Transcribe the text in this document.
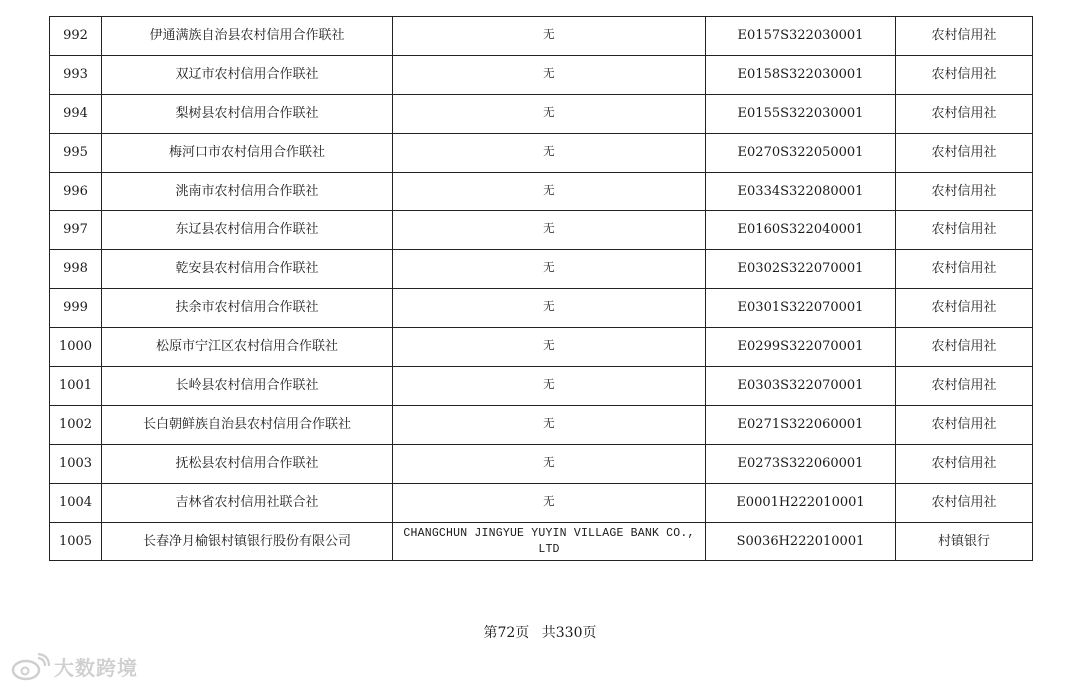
992	伊通满族自治县农村信用合作联社	无	E0157S322030001	农村信用社
993	双辽市农村信用合作联社	无	E0158S322030001	农村信用社
994	梨树县农村信用合作联社	无	E0155S322030001	农村信用社
995	梅河口市农村信用合作联社	无	E0270S322050001	农村信用社
996	洮南市农村信用合作联社	无	E0334S322080001	农村信用社
997	东辽县农村信用合作联社	无	E0160S322040001	农村信用社
998	乾安县农村信用合作联社	无	E0302S322070001	农村信用社
999	扶余市农村信用合作联社	无	E0301S322070001	农村信用社
1000	松原市宁江区农村信用合作联社	无	E0299S322070001	农村信用社
1001	长岭县农村信用合作联社	无	E0303S322070001	农村信用社
1002	长白朝鲜族自治县农村信用合作联社	无	E0271S322060001	农村信用社
1003	抚松县农村信用合作联社	无	E0273S322060001	农村信用社
1004	吉林省农村信用社联合社	无	E0001H222010001	农村信用社
1005	长春净月榆银村镇银行股份有限公司	CHANGCHUN JINGYUE YUYIN VILLAGE BANK CO., LTD	S0036H222010001	村镇银行
第72页 共330页
大数跨境
